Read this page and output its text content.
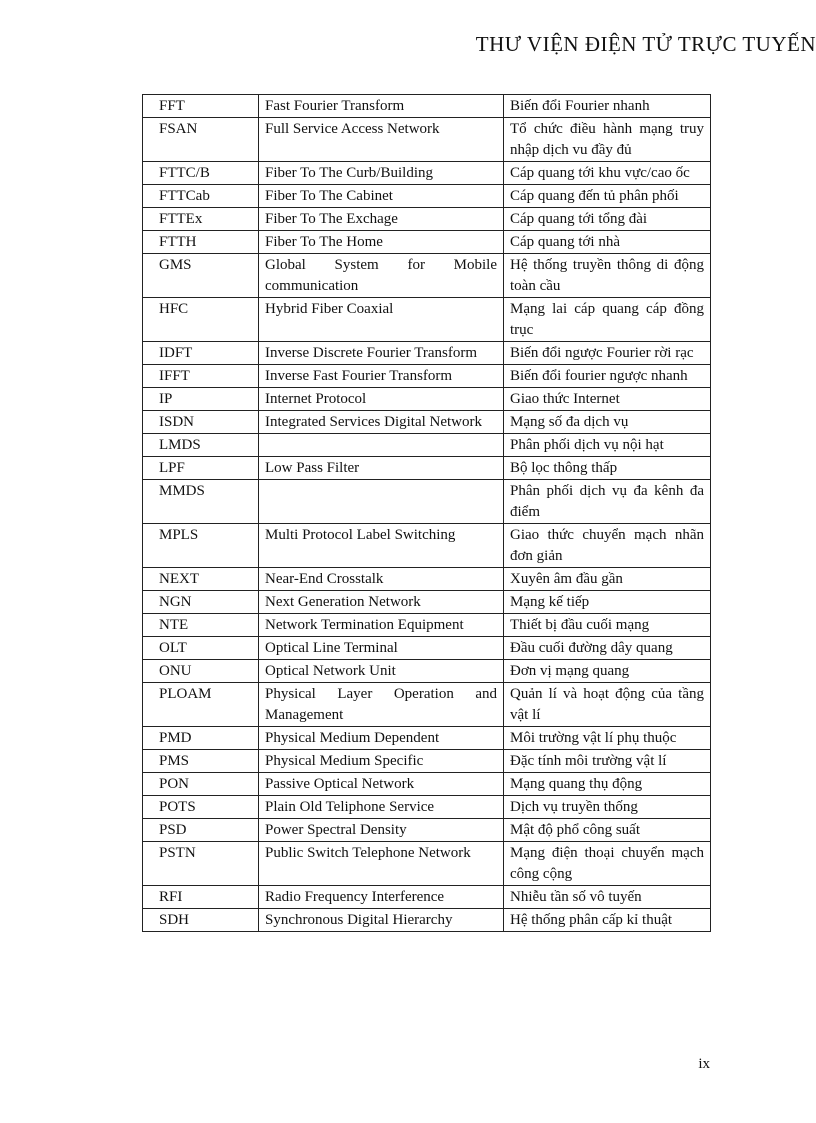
THƯ VIỆN ĐIỆN TỬ TRỰC TUYẾN
FFT	Fast Fourier Transform	Biến đổi Fourier nhanh
FSAN	Full Service Access Network	Tổ chức điều hành mạng truy nhập dịch vu đầy đủ
FTTC/B	Fiber To The Curb/Building	Cáp quang tới khu vực/cao ốc
FTTCab	Fiber To The Cabinet	Cáp quang đến tủ phân phối
FTTEx	Fiber To The Exchage	Cáp quang tới tổng đài
FTTH	Fiber To The Home	Cáp quang tới nhà
GMS	Global System for Mobile communication	Hệ thống truyền thông di động toàn cầu
HFC	Hybrid Fiber Coaxial	Mạng lai cáp quang cáp đồng trục
IDFT	Inverse Discrete Fourier Transform	Biến đổi ngược Fourier rời rạc
IFFT	Inverse Fast Fourier Transform	Biến đổi fourier ngược nhanh
IP	Internet Protocol	Giao thức Internet
ISDN	Integrated Services Digital Network	Mạng số đa dịch vụ
LMDS		Phân phối dịch vụ nội hạt
LPF	Low Pass Filter	Bộ lọc thông thấp
MMDS		Phân phối dịch vụ đa kênh đa điểm
MPLS	Multi Protocol Label Switching	Giao thức chuyển mạch nhãn đơn giản
NEXT	Near-End Crosstalk	Xuyên âm đầu gần
NGN	Next Generation Network	Mạng kế tiếp
NTE	Network Termination Equipment	Thiết bị đầu cuối mạng
OLT	Optical Line Terminal	Đầu cuối đường dây quang
ONU	Optical Network Unit	Đơn vị mạng quang
PLOAM	Physical Layer Operation and Management	Quản lí và hoạt động của tầng vật lí
PMD	Physical Medium Dependent	Môi trường vật lí phụ thuộc
PMS	Physical Medium Specific	Đặc tính môi trường vật lí
PON	Passive Optical Network	Mạng quang thụ động
POTS	Plain Old Teliphone Service	Dịch vụ truyền thống
PSD	Power Spectral Density	Mật độ phổ công suất
PSTN	Public Switch Telephone Network	Mạng điện thoại chuyển mạch công cộng
RFI	Radio Frequency Interference	Nhiễu tần số vô tuyến
SDH	Synchronous Digital Hierarchy	Hệ thống phân cấp kỉ thuật
ix
